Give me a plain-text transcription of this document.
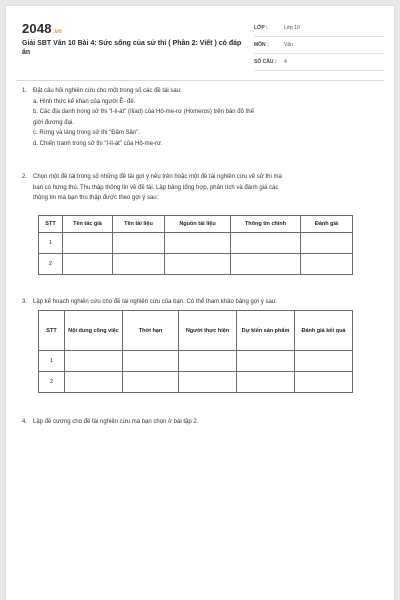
2048.vn
Giải SBT Văn 10 Bài 4: Sức sống của sử thi ( Phần 2: Viết ) có đáp án
LỚP :	Lớp 10
MÔN :	Văn
SỐ CÂU :	4
1. Đặt câu hỏi nghiên cứu cho một trong số các đề tài sau:
a. Hình thức kể khan của người Ê- đê.
b. Các địa danh trong sử thi "I-li-át" (Iliad) của Hô-me-rơ (Homeros) trên bản đồ thế
giới đương đại.
c. Rừng và làng trong sử thi "Đăm Săn".
d. Chiến tranh trong sử thi "I-li-át" của Hô-me-rơ.
2. Chọn một đề tài trong số những đề tài gợi ý nêu trên hoặc một đề tài nghiên cứu về sử thi mà
bạn có hứng thú. Thu thập thông tin về đề tài. Lập bảng tổng hợp, phân tích và đánh giá các
thông tin mà bạn thu thập được theo gợi ý sau:
STT	Tên tác giả	Tên tài liệu	Nguồn tài liệu	Thông tin chính	Đánh giá
1					
2					
3. Lập kế hoạch nghiên cứu cho đề tài nghiên cứu của bạn. Có thể tham khảo bảng gợi ý sau:
STT	Nội dung công việc	Thời hạn	Người thực hiện	Dự kiến sản phẩm	Đánh giá kết quả
1					
2					
4. Lập đề cương cho đề tài nghiên cứu mà bạn chọn ở bài tập 2.
